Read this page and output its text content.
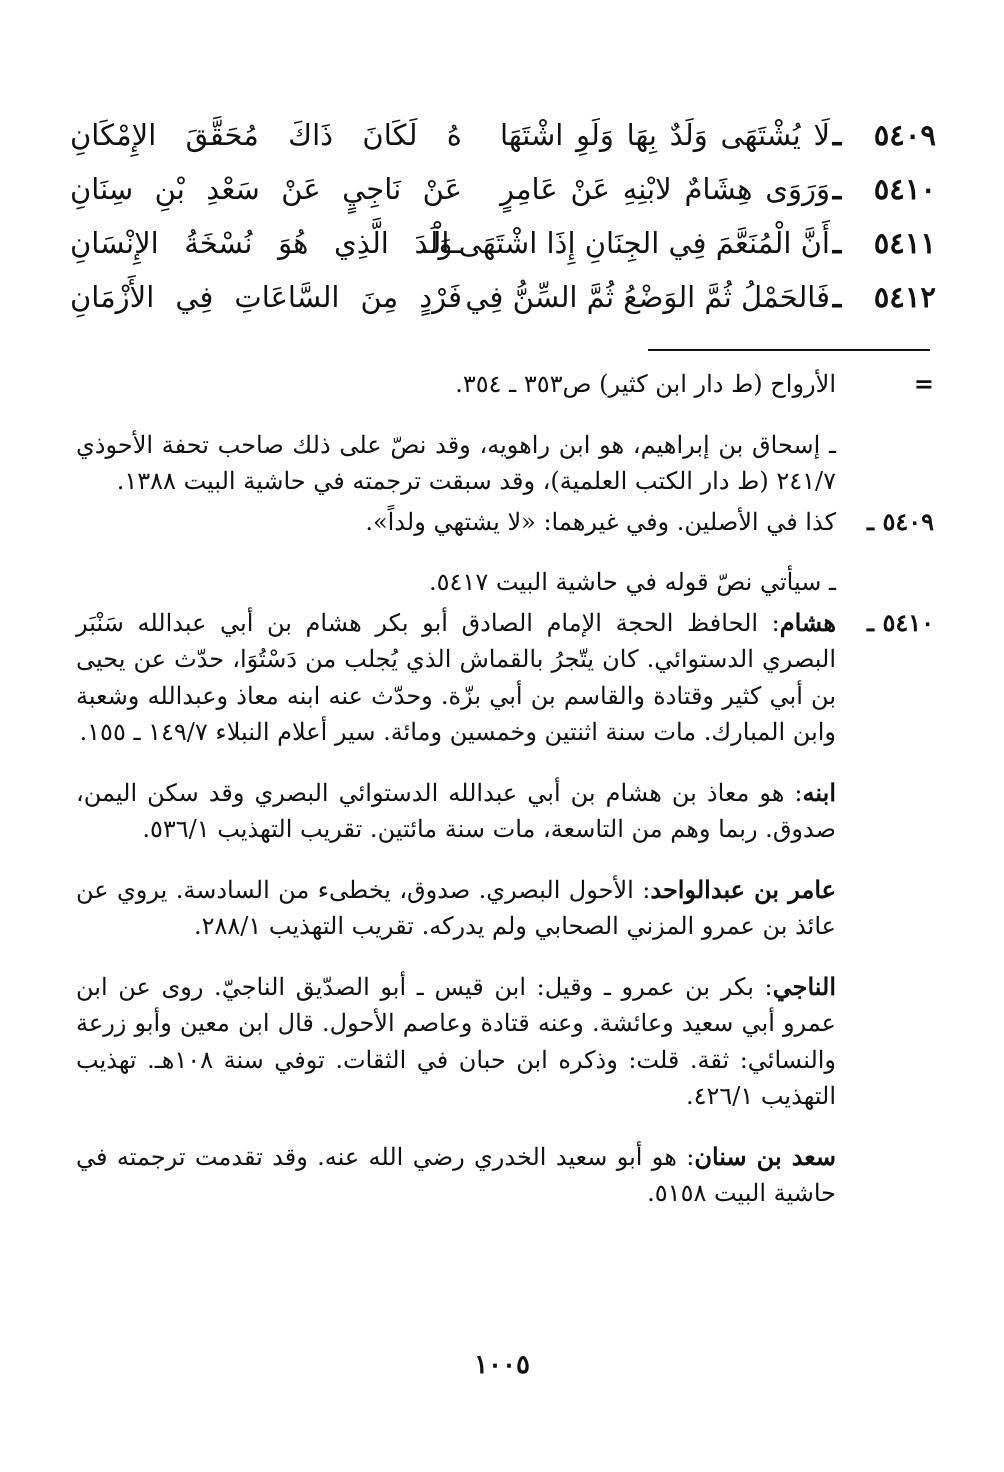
٥٤٠٩
ـ
لَا يُشْتَهَى وَلَدٌ بِهَا وَلَوِ اشْتَهَا
هُ لَكَانَ ذَاكَ مُحَقَّقَ الإِمْكَانِ
٥٤١٠
ـ
وَرَوَى هِشَامٌ لابْنِهِ عَنْ عَامِرٍ
عَنْ نَاجِيٍ عَنْ سَعْدِ بْنِ سِنَانِ
٥٤١١
ـ
أَنَّ الْمُنَعَّمَ فِي الجِنَانِ إِذَا اشْتَهَى الْـ
ـوَلَدَ الَّذِي هُوَ نُسْخَةُ الإِنْسَانِ
٥٤١٢
ـ
فَالحَمْلُ ثُمَّ الوَضْعُ ثُمَّ السِّنُّ فِي
فَرْدٍ مِنَ السَّاعَاتِ فِي الأَزْمَانِ
=

الأرواح (ط دار ابن كثير) ص٣٥٣ ـ ٣٥٤.

ـ إسحاق بن إبراهيم، هو ابن راهويه، وقد نصّ على ذلك صاحب تحفة الأحوذي ٢٤١/٧ (ط دار الكتب العلمية)، وقد سبقت ترجمته في حاشية البيت ١٣٨٨.

٥٤٠٩ ـ

كذا في الأصلين. وفي غيرهما: «لا يشتهي ولداً».

ـ سيأتي نصّ قوله في حاشية البيت ٥٤١٧.

٥٤١٠ ـ

هشام: الحافظ الحجة الإمام الصادق أبو بكر هشام بن أبي عبدالله سَنْبَر البصري الدستوائي. كان يتّجرُ بالقماش الذي يُجلب من دَسْتُوَا، حدّث عن يحيى بن أبي كثير وقتادة والقاسم بن أبي بزّة. وحدّث عنه ابنه معاذ وعبدالله وشعبة وابن المبارك. مات سنة اثنتين وخمسين ومائة. سير أعلام النبلاء ١٤٩/٧ ـ ١٥٥.

ابنه: هو معاذ بن هشام بن أبي عبدالله الدستوائي البصري وقد سكن اليمن، صدوق. ربما وهم من التاسعة، مات سنة مائتين. تقريب التهذيب ٥٣٦/١.

عامر بن عبدالواحد: الأحول البصري. صدوق، يخطىء من السادسة. يروي عن عائذ بن عمرو المزني الصحابي ولم يدركه. تقريب التهذيب ٢٨٨/١.

الناجي: بكر بن عمرو ـ وقيل: ابن قيس ـ أبو الصدّيق الناجيّ. روى عن ابن عمرو أبي سعيد وعائشة. وعنه قتادة وعاصم الأحول. قال ابن معين وأبو زرعة والنسائي: ثقة. قلت: وذكره ابن حبان في الثقات. توفي سنة ١٠٨هـ. تهذيب التهذيب ٤٢٦/١.

سعد بن سنان: هو أبو سعيد الخدري رضي الله عنه. وقد تقدمت ترجمته في حاشية البيت ٥١٥٨.

١٠٠٥
